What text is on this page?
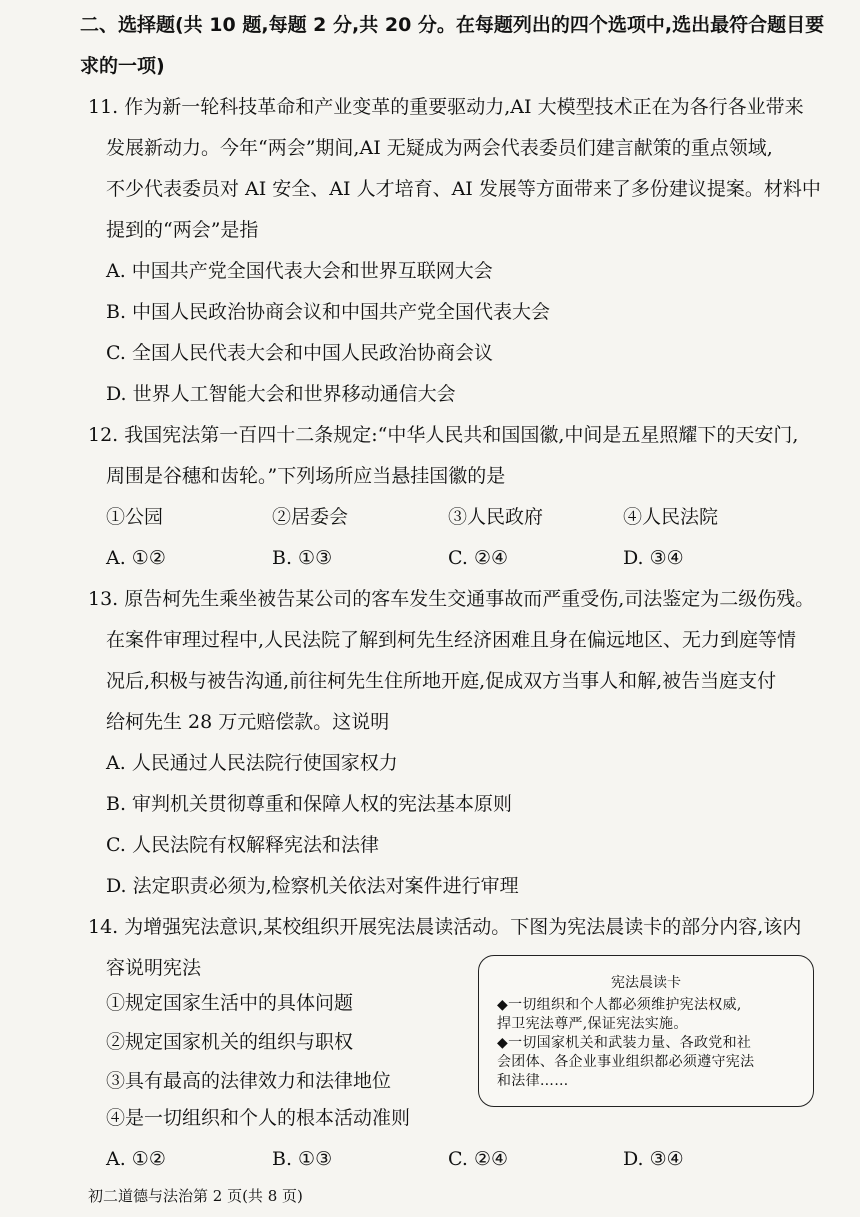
二、选择题(共 10 题,每题 2 分,共 20 分。在每题列出的四个选项中,选出最符合题目要
求的一项)
11. 作为新一轮科技革命和产业变革的重要驱动力,AI 大模型技术正在为各行各业带来
发展新动力。今年“两会”期间,AI 无疑成为两会代表委员们建言献策的重点领域,
不少代表委员对 AI 安全、AI 人才培育、AI 发展等方面带来了多份建议提案。材料中
提到的“两会”是指
A. 中国共产党全国代表大会和世界互联网大会
B. 中国人民政治协商会议和中国共产党全国代表大会
C. 全国人民代表大会和中国人民政治协商会议
D. 世界人工智能大会和世界移动通信大会
12. 我国宪法第一百四十二条规定:“中华人民共和国国徽,中间是五星照耀下的天安门,
周围是谷穗和齿轮。”下列场所应当悬挂国徽的是
①公园	②居委会	③人民政府	④人民法院
A. ①②	B. ①③	C. ②④	D. ③④
13. 原告柯先生乘坐被告某公司的客车发生交通事故而严重受伤,司法鉴定为二级伤残。
在案件审理过程中,人民法院了解到柯先生经济困难且身在偏远地区、无力到庭等情
况后,积极与被告沟通,前往柯先生住所地开庭,促成双方当事人和解,被告当庭支付
给柯先生 28 万元赔偿款。这说明
A. 人民通过人民法院行使国家权力
B. 审判机关贯彻尊重和保障人权的宪法基本原则
C. 人民法院有权解释宪法和法律
D. 法定职责必须为,检察机关依法对案件进行审理
14. 为增强宪法意识,某校组织开展宪法晨读活动。下图为宪法晨读卡的部分内容,该内
容说明宪法
①规定国家生活中的具体问题
②规定国家机关的组织与职权
③具有最高的法律效力和法律地位
④是一切组织和个人的根本活动准则
A. ①②	B. ①③	C. ②④	D. ③④
宪法晨读卡
◆一切组织和个人都必须维护宪法权威,
捍卫宪法尊严,保证宪法实施。
◆一切国家机关和武装力量、各政党和社
会团体、各企业事业组织都必须遵守宪法
和法律……
初二道德与法治第 2 页(共 8 页)
